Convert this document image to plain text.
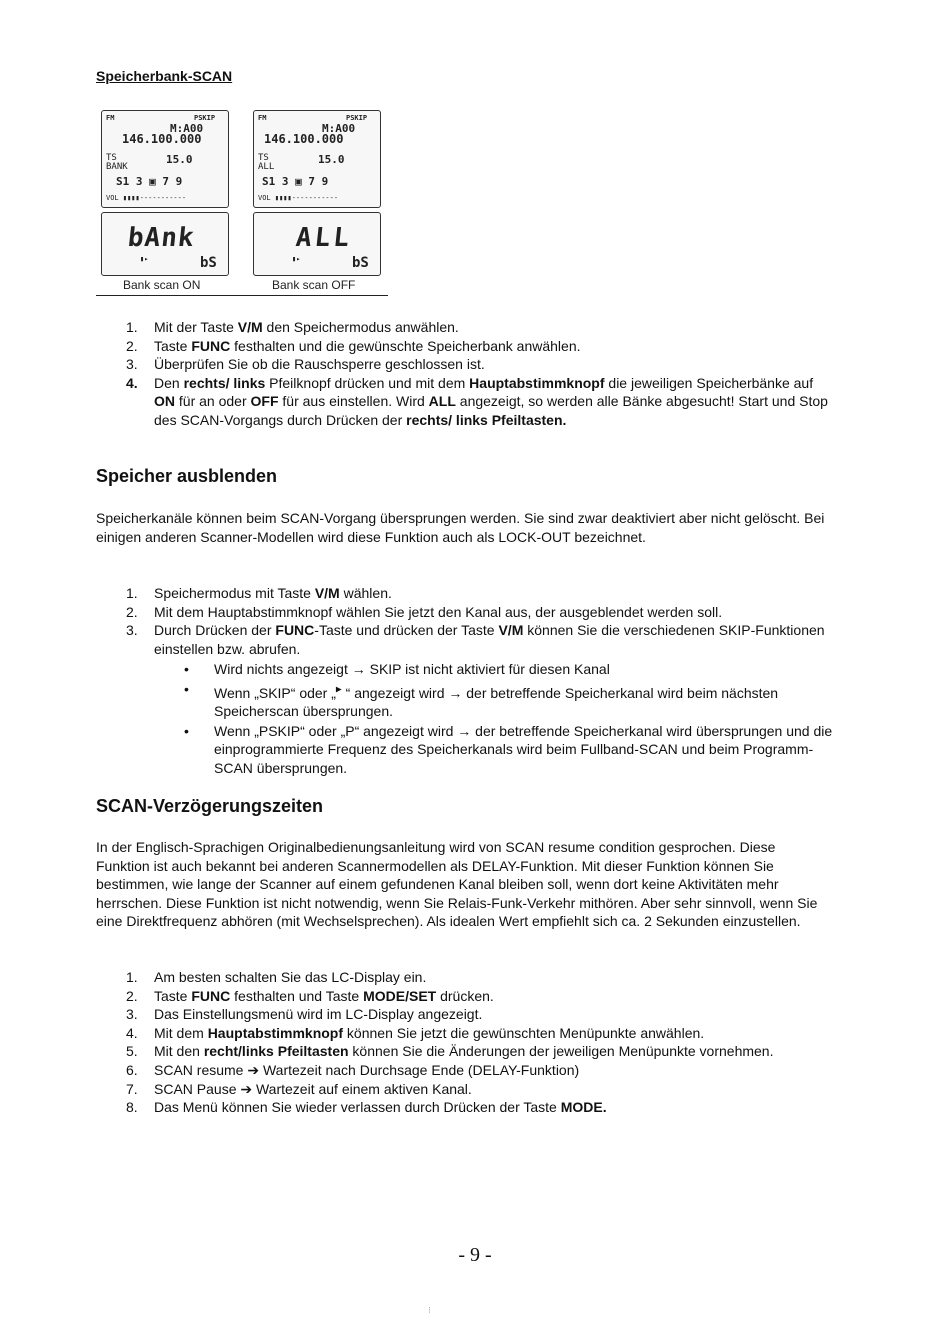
Speicherbank-SCAN
FM	PSKIP
M:A00
146.100.000
TS	15.0
BANK
S1 3 ▣ 7 9
VOL ▮▮▮▮-----------
FM	PSKIP
M:A00
146.100.000
TS	15.0
ALL
S1 3 ▣ 7 9
VOL ▮▮▮▮-----------
bAnk
▮▸	bS
ALL
▮▸	bS
Bank scan ON	Bank scan OFF
1. Mit der Taste V/M den Speichermodus anwählen.
2. Taste FUNC festhalten und die gewünschte Speicherbank anwählen.
3. Überprüfen Sie ob die Rauschsperre geschlossen ist.
4. Den rechts/ links Pfeilknopf drücken und mit dem Hauptabstimmknopf die jeweiligen Speicherbänke auf ON für an oder OFF für aus einstellen. Wird ALL angezeigt, so werden alle Bänke abgesucht! Start und Stop des SCAN-Vorgangs durch Drücken der rechts/ links Pfeiltasten.
Speicher ausblenden

Speicherkanäle können beim SCAN-Vorgang übersprungen werden. Sie sind zwar deaktiviert aber nicht gelöscht. Bei einigen anderen Scanner-Modellen wird diese Funktion auch als LOCK-OUT bezeichnet.

1. Speichermodus mit Taste V/M wählen.
2. Mit dem Hauptabstimmknopf wählen Sie jetzt den Kanal aus, der ausgeblendet werden soll.
3. Durch Drücken der FUNC-Taste und drücken der Taste V/M können Sie die verschiedenen SKIP-Funktionen einstellen bzw. abrufen.
• Wird nichts angezeigt → SKIP ist nicht aktiviert für diesen Kanal
• Wenn „SKIP“ oder „▸ “ angezeigt wird → der betreffende Speicherkanal wird beim nächsten Speicherscan übersprungen.
• Wenn „PSKIP“ oder „P“ angezeigt wird → der betreffende Speicherkanal wird übersprungen und die einprogrammierte Frequenz des Speicherkanals wird beim Fullband-SCAN und beim Programm-SCAN übersprungen.
SCAN-Verzögerungszeiten

In der Englisch-Sprachigen Originalbedienungsanleitung wird von SCAN resume condition gesprochen. Diese Funktion ist auch bekannt bei anderen Scannermodellen als DELAY-Funktion. Mit dieser Funktion können Sie bestimmen, wie lange der Scanner auf einem gefundenen Kanal bleiben soll, wenn dort keine Aktivitäten mehr herrschen. Diese Funktion ist nicht notwendig, wenn Sie Relais-Funk-Verkehr mithören. Aber sehr sinnvoll, wenn Sie eine Direktfrequenz abhören (mit Wechselsprechen). Als idealen Wert empfiehlt sich ca. 2 Sekunden einzustellen.

1. Am besten schalten Sie das LC-Display ein.
2. Taste FUNC festhalten und Taste MODE/SET drücken.
3. Das Einstellungsmenü wird im LC-Display angezeigt.
4. Mit dem Hauptabstimmknopf können Sie jetzt die gewünschten Menüpunkte anwählen.
5. Mit den recht/links Pfeiltasten können Sie die Änderungen der jeweiligen Menüpunkte vornehmen.
6. SCAN resume ➔ Wartezeit nach Durchsage Ende (DELAY-Funktion)
7. SCAN Pause ➔ Wartezeit auf einem aktiven Kanal.
8. Das Menü können Sie wieder verlassen durch Drücken der Taste MODE.
- 9 -
⁝
